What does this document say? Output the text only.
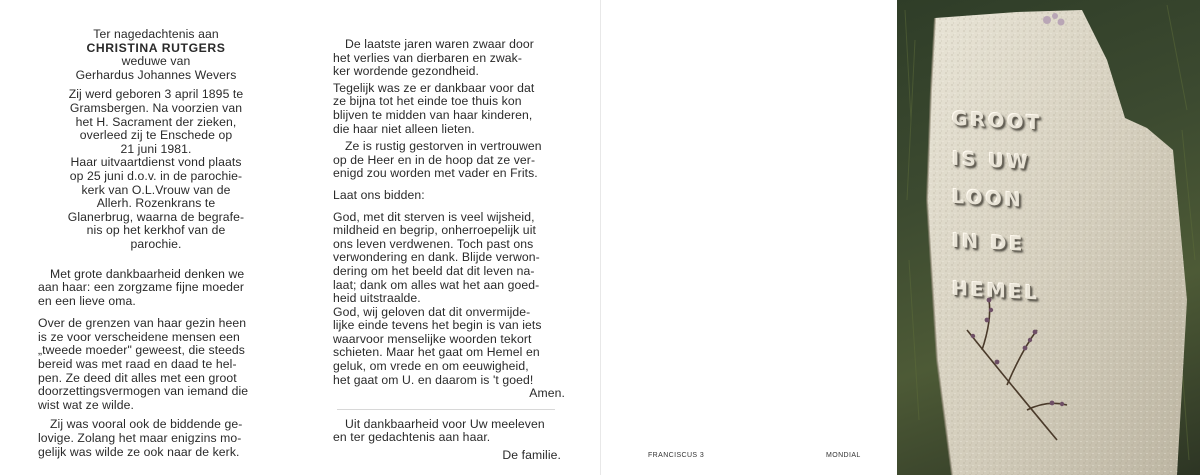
Ter nagedachtenis aan

CHRISTINA RUTGERS

weduwe van

Gerhardus Johannes Wevers

Zij werd geboren 3 april 1895 te

Gramsbergen. Na voorzien van

het H. Sacrament der zieken,

overleed zij te Enschede op

21 juni 1981.

Haar uitvaartdienst vond plaats

op 25 juni d.o.v. in de parochie-

kerk van O.L.Vrouw van de

Allerh. Rozenkrans te

Glanerbrug, waarna de begrafe-

nis op het kerkhof van de

parochie.

Met grote dankbaarheid denken we

aan haar: een zorgzame fijne moeder

en een lieve oma.

Over de grenzen van haar gezin heen

is ze voor verscheidene mensen een

„tweede moeder" geweest, die steeds

bereid was met raad en daad te hel-

pen. Ze deed dit alles met een groot

doorzettingsvermogen van iemand die

wist wat ze wilde.

Zij was vooral ook de biddende ge-

lovige. Zolang het maar enigzins mo-

gelijk was wilde ze ook naar de kerk.

De laatste jaren waren zwaar door

het verlies van dierbaren en zwak-

ker wordende gezondheid.

Tegelijk was ze er dankbaar voor dat

ze bijna tot het einde toe thuis kon

blijven te midden van haar kinderen,

die haar niet alleen lieten.

Ze is rustig gestorven in vertrouwen

op de Heer en in de hoop dat ze ver-

enigd zou worden met vader en Frits.

Laat ons bidden:

God, met dit sterven is veel wijsheid,

mildheid en begrip, onherroepelijk uit

ons leven verdwenen. Toch past ons

verwondering en dank. Blijde verwon-

dering om het beeld dat dit leven na-

laat; dank om alles wat het aan goed-

heid uitstraalde.

God, wij geloven dat dit onvermijde-

lijke einde tevens het begin is van iets

waarvoor menselijke woorden tekort

schieten. Maar het gaat om Hemel en

geluk, om vrede en om eeuwigheid,

het gaat om U. en daarom is 't goed!

Amen.

Uit dankbaarheid voor Uw meeleven

en ter gedachtenis aan haar.

De familie.	FRANCISCUS 3	MONDIAL
GROOT
IS UW
LOON
IN DE
HEMEL
